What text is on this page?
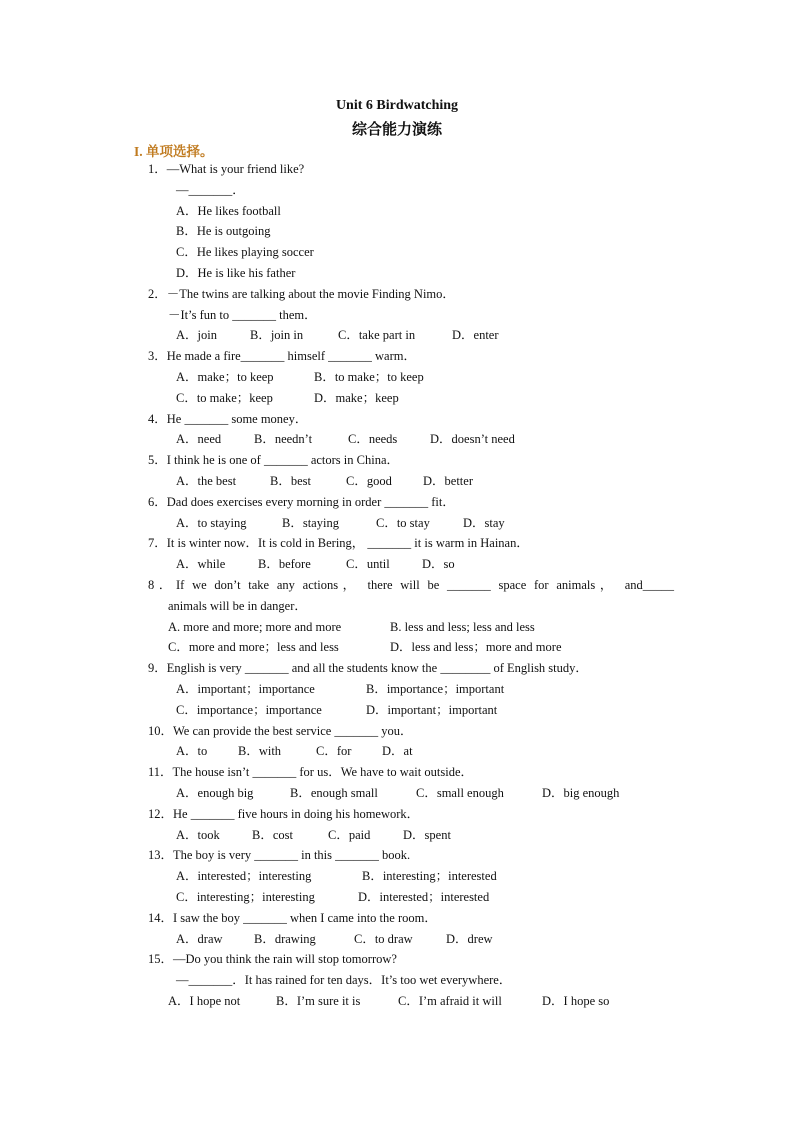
Unit 6 Birdwatching
综合能力演练
I. 单项选择。
1．—What is your friend like?
—_______．
A．He likes football
B．He is outgoing
C．He likes playing soccer
D．He is like his father
2．－The twins are talking about the movie Finding Nimo．
－It’s fun to _______ them．
A．join	B．join in	C．take part in	D．enter
3．He made a fire_______ himself _______ warm．
A．make；to keep	B．to make；to keep
C．to make；keep	D．make；keep
4．He _______ some money．
A．need	B．needn’t	C．needs	D．doesn’t need
5．I think he is one of _______ actors in China．
A．the best	B．best	C．good D．better
6．Dad does exercises every morning in order _______ fit．
A．to staying	B．staying	C．to stay	D．stay
7．It is winter now．It is cold in Bering， _______ it is warm in Hainan．
A．while	B．before	C．until	D．so
8．If we don’t take any actions， there will be _______ space for animals， and_____
animals will be in danger．
A. more and more; more and more	B. less and less; less and less
C．more and more；less and less	D．less and less；more and more
9．English is very _______ and all the students know the ________ of English study．
A．important；importance	B．importance；important
C．importance；importance	D．important；important
10．We can provide the best service _______ you．
A．to B．with	C．for D．at
11．The house isn’t _______ for us．We have to wait outside．
A．enough big	B．enough small	C．small enough	D．big enough
12．He _______ five hours in doing his homework．
A．took	B．cost	C．paid	D．spent
13．The boy is very _______ in this _______ book.
A．interested；interesting	B．interesting；interested
C．interesting；interesting	D．interested；interested
14．I saw the boy _______ when I came into the room．
A．draw	B．drawing	C．to draw	D．drew
15．—Do you think the rain will stop tomorrow?
—_______．It has rained for ten days．It’s too wet everywhere．
A．I hope not	B．I’m sure it is	C．I’m afraid it will	D．I hope so
